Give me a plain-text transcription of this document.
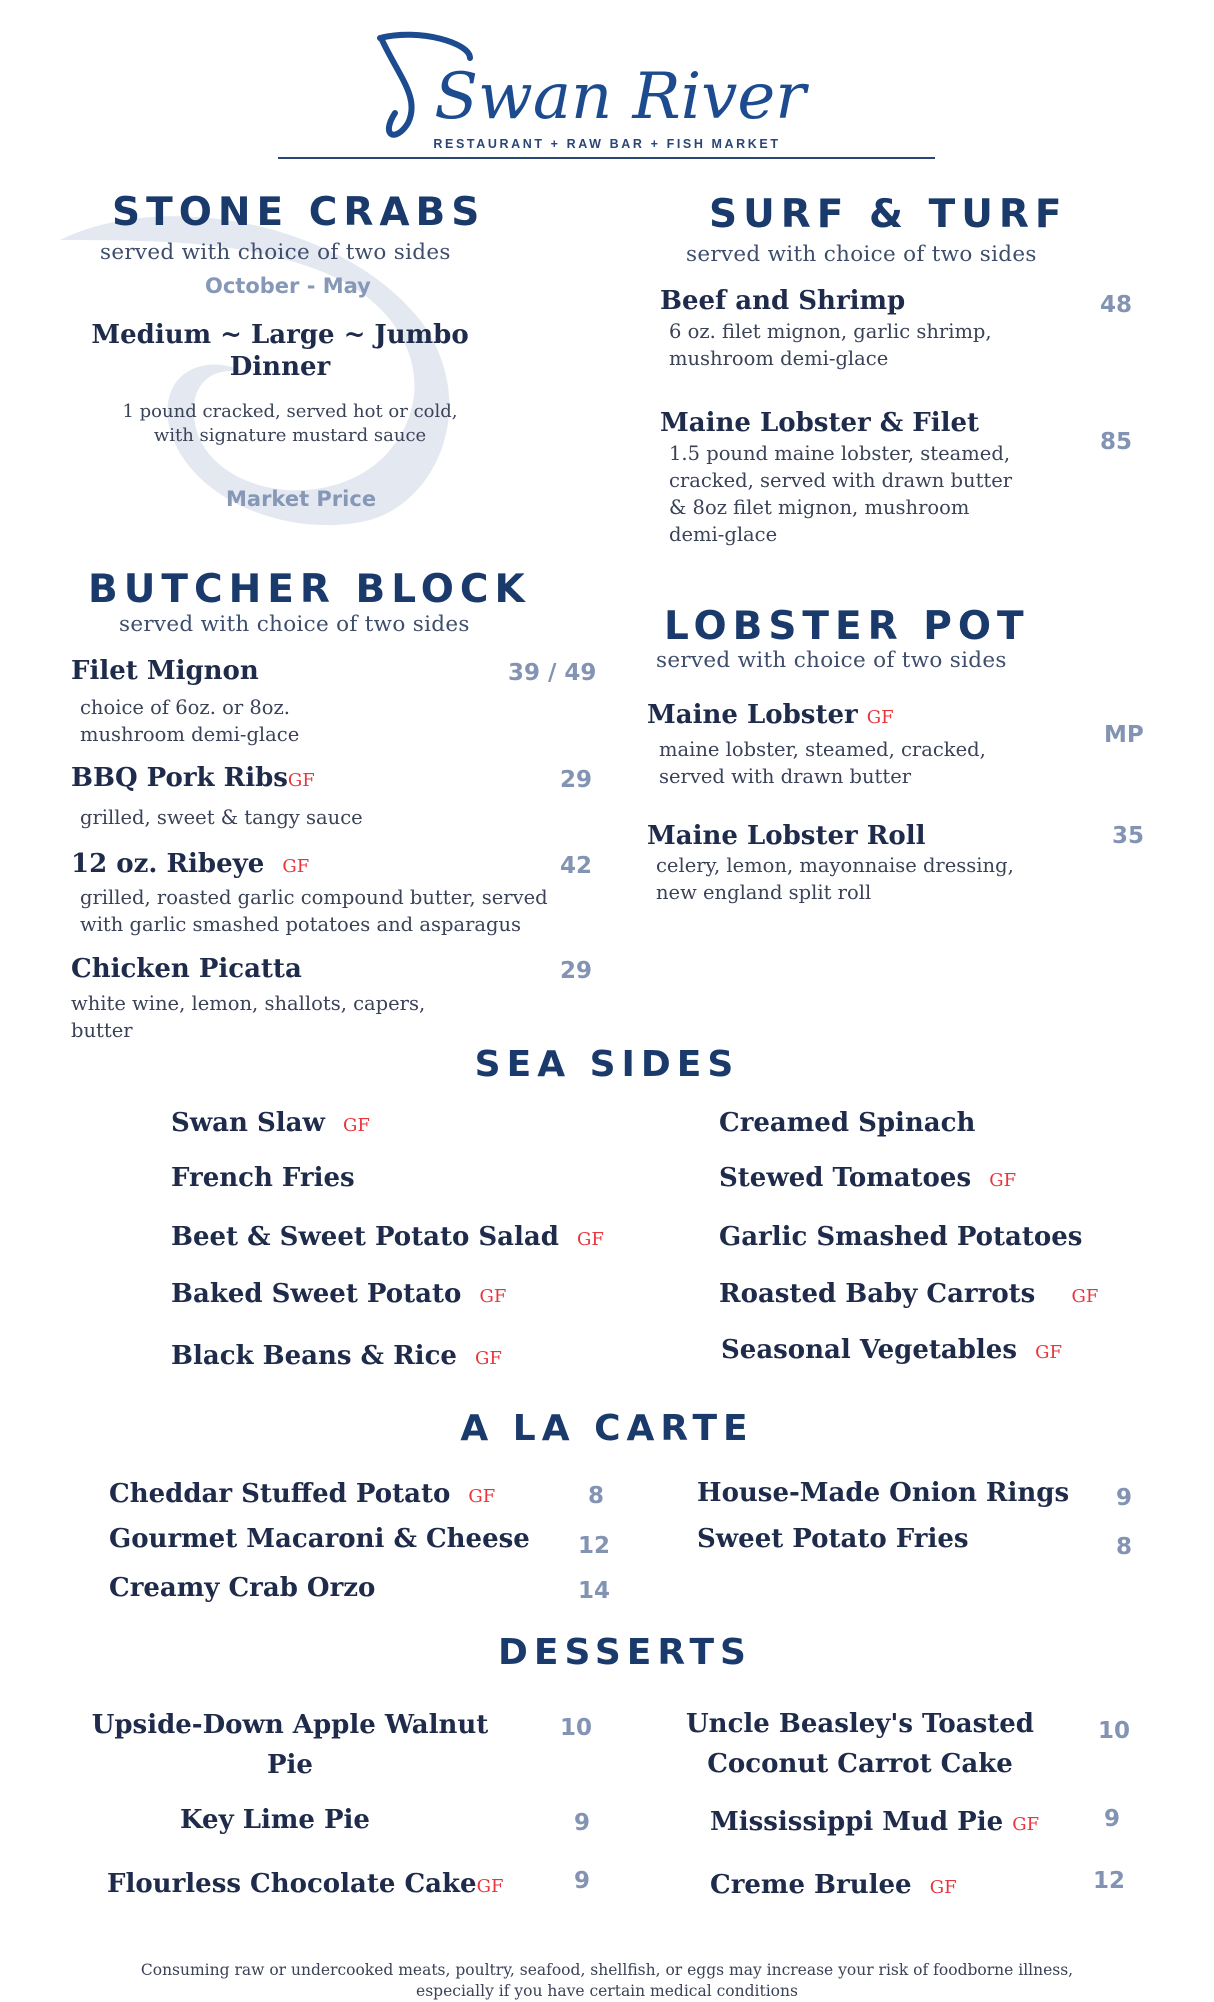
Swan River
RESTAURANT + RAW BAR + FISH MARKET
STONE CRABS
served with choice of two sides
October - May
Medium ~ Large ~ Jumbo
Dinner
1 pound cracked, served hot or cold,
with signature mustard sauce
Market Price
SURF & TURF
served with choice of two sides
Beef and Shrimp	48
6 oz. filet mignon, garlic shrimp,
mushroom demi-glace
Maine Lobster & Filet
85
1.5 pound maine lobster, steamed,
cracked, served with drawn butter
& 8oz filet mignon, mushroom
demi-glace
BUTCHER BLOCK
served with choice of two sides
Filet Mignon	39 / 49
choice of 6oz. or 8oz.
mushroom demi-glace
BBQ Pork RibsGF	29
grilled, sweet & tangy sauce
12 oz. Ribeye GF	42
grilled, roasted garlic compound butter, served
with garlic smashed potatoes and asparagus
Chicken Picatta	29
white wine, lemon, shallots, capers,
butter
LOBSTER POT
served with choice of two sides
Maine Lobster GF
MP
maine lobster, steamed, cracked,
served with drawn butter
Maine Lobster Roll	35
celery, lemon, mayonnaise dressing,
new england split roll
SEA SIDES
Swan Slaw GF
French Fries
Beet & Sweet Potato Salad GF
Baked Sweet Potato GF
Black Beans & Rice GF
Creamed Spinach
Stewed Tomatoes GF
Garlic Smashed Potatoes
Roasted Baby Carrots GF
Seasonal Vegetables GF
A LA CARTE
Cheddar Stuffed Potato GF	8
Gourmet Macaroni & Cheese 12
Creamy Crab Orzo	14
House-Made Onion Rings 9
Sweet Potato Fries	8
DESSERTS
Upside-Down Apple Walnut
Pie
10
Key Lime Pie	9
Flourless Chocolate CakeGF	9
Uncle Beasley's Toasted
Coconut Carrot Cake
10
Mississippi Mud Pie GF	9
Creme Brulee GF	12
Consuming raw or undercooked meats, poultry, seafood, shellfish, or eggs may increase your risk of foodborne illness,
especially if you have certain medical conditions
